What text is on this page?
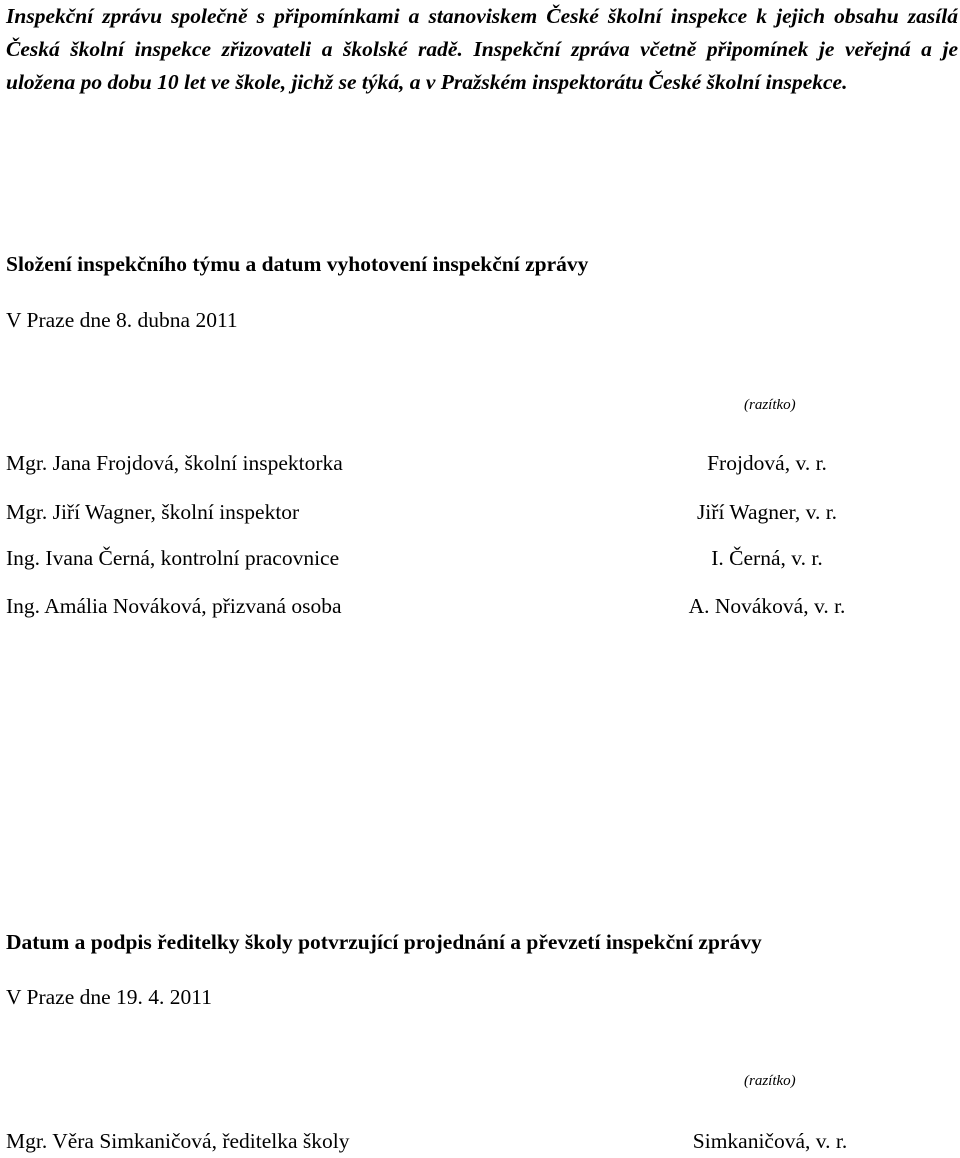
Inspekční zprávu společně s připomínkami a stanoviskem České školní inspekce k jejich obsahu zasílá Česká školní inspekce zřizovateli a školské radě. Inspekční zpráva včetně připomínek je veřejná a je uložena po dobu 10 let ve škole, jichž se týká, a v Pražském inspektorátu České školní inspekce.
Složení inspekčního týmu a datum vyhotovení inspekční zprávy
V Praze dne 8. dubna 2011
(razítko)
Mgr. Jana Frojdová, školní inspektorka	Frojdová, v. r.
Mgr. Jiří Wagner, školní inspektor	Jiří Wagner, v. r.
Ing. Ivana Černá, kontrolní pracovnice	I. Černá, v. r.
Ing. Amália Nováková, přizvaná osoba	A. Nováková, v. r.
Datum a podpis ředitelky školy potvrzující projednání a převzetí inspekční zprávy
V Praze dne 19. 4. 2011
(razítko)
Mgr. Věra Simkaničová, ředitelka školy	Simkaničová, v. r.
